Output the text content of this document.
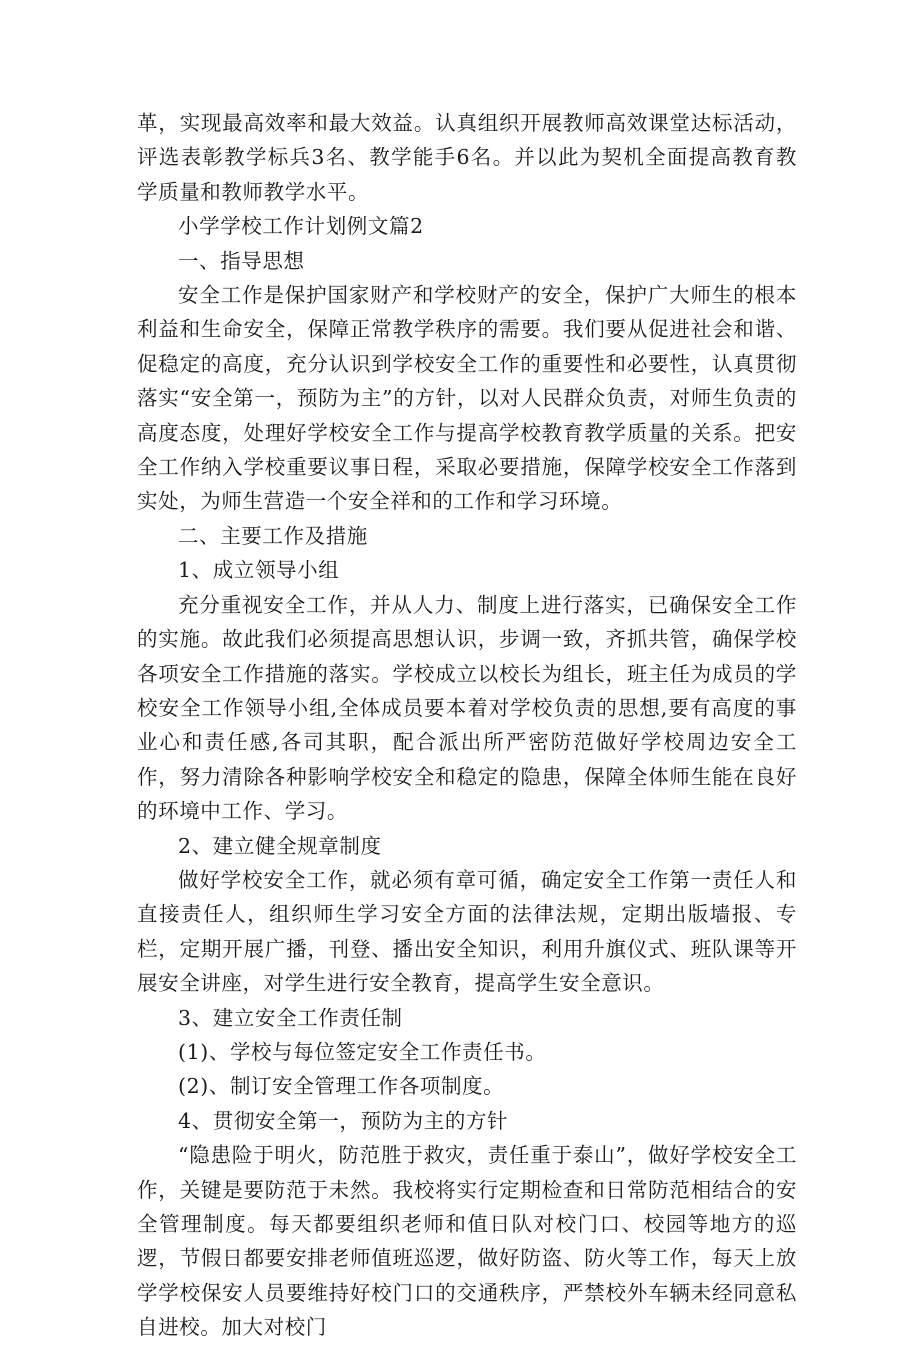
革，实现最高效率和最大效益。认真组织开展教师高效课堂达标活动，评选表彰教学标兵3名、教学能手6名。并以此为契机全面提高教育教学质量和教师教学水平。

小学学校工作计划例文篇2

一、指导思想

安全工作是保护国家财产和学校财产的安全，保护广大师生的根本利益和生命安全，保障正常教学秩序的需要。我们要从促进社会和谐、促稳定的高度，充分认识到学校安全工作的重要性和必要性，认真贯彻落实“安全第一，预防为主”的方针，以对人民群众负责，对师生负责的高度态度，处理好学校安全工作与提高学校教育教学质量的关系。把安全工作纳入学校重要议事日程，采取必要措施，保障学校安全工作落到实处，为师生营造一个安全祥和的工作和学习环境。

二、主要工作及措施

1、成立领导小组

充分重视安全工作，并从人力、制度上进行落实，已确保安全工作的实施。故此我们必须提高思想认识，步调一致，齐抓共管，确保学校各项安全工作措施的落实。学校成立以校长为组长，班主任为成员的学校安全工作领导小组,全体成员要本着对学校负责的思想,要有高度的事业心和责任感,各司其职，配合派出所严密防范做好学校周边安全工作，努力清除各种影响学校安全和稳定的隐患，保障全体师生能在良好的环境中工作、学习。

2、建立健全规章制度

做好学校安全工作，就必须有章可循，确定安全工作第一责任人和直接责任人，组织师生学习安全方面的法律法规，定期出版墙报、专栏，定期开展广播，刊登、播出安全知识，利用升旗仪式、班队课等开展安全讲座，对学生进行安全教育，提高学生安全意识。

3、建立安全工作责任制

(1)、学校与每位签定安全工作责任书。

(2)、制订安全管理工作各项制度。

4、贯彻安全第一，预防为主的方针

“隐患险于明火，防范胜于救灾，责任重于泰山”，做好学校安全工作，关键是要防范于未然。我校将实行定期检查和日常防范相结合的安全管理制度。每天都要组织老师和值日队对校门口、校园等地方的巡逻，节假日都要安排老师值班巡逻，做好防盗、防火等工作，每天上放学学校保安人员要维持好校门口的交通秩序，严禁校外车辆未经同意私自进校。加大对校门
